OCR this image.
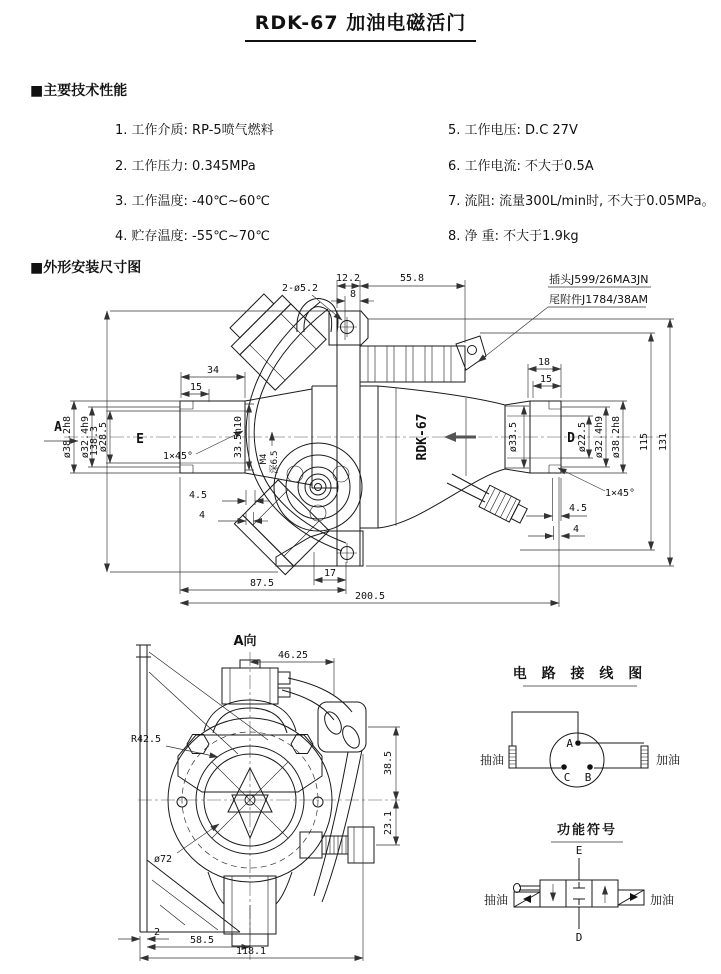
RDK-67 加油电磁活门
■主要技术性能
1. 工作介质: RP-5喷气燃料
2. 工作压力: 0.345MPa
3. 工作温度: -40℃~60℃
4. 贮存温度: -55℃~70℃
5. 工作电压: D.C 27V
6. 工作电流: 不大于0.5A
7. 流阻: 流量300L/min时, 不大于0.05MPa。
8. 净 重: 不大于1.9kg
■外形安装尺寸图
RDK-67
12.2	55.8
8
插头J599/26MA3JN
尾附件J1784/38AM
2-ø5.2
18
15
34
15
ø38.2h8 ø32.4h9 ø28.5 E
1×45°	33.5h10
138.3
A
M4 深6.5
4.5
4
ø33.5	D ø22.5 ø32.4h9 ø38.2h8 115 131
1×45°
4.5
4
17
87.5
200.5
A向
R42.5
ø72
46.25
38.5
23.1
2
58.5
118.1
电 路 接 线 图
A
C B
抽油	加油
功能符号
E
D
抽油	加油
